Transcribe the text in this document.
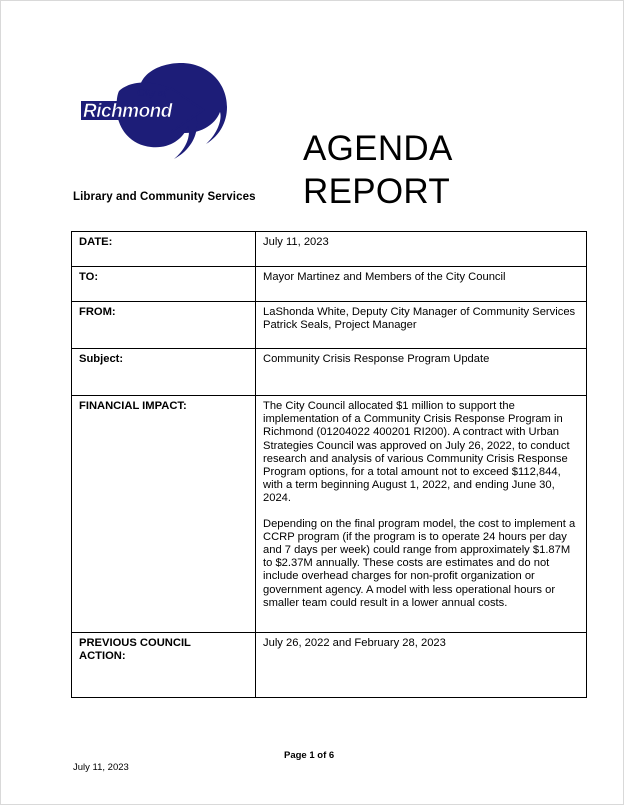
City of
Richmond
Library and Community Services
AGENDA
REPORT
DATE:	July 11, 2023
TO:	Mayor Martinez and Members of the City Council
FROM:	LaShonda White, Deputy City Manager of Community Services

Patrick Seals, Project Manager

Subject:	Community Crisis Response Program Update
FINANCIAL IMPACT:	The City Council allocated $1 million to support the implementation of a Community Crisis Response Program in Richmond (01204022 400201 RI200). A contract with Urban Strategies Council was approved on July 26, 2022, to conduct research and analysis of various Community Crisis Response Program options, for a total amount not to exceed $112,844, with a term beginning August 1, 2022, and ending June 30, 2024.

Depending on the final program model, the cost to implement a CCRP program (if the program is to operate 24 hours per day and 7 days per week) could range from approximately $1.87M to $2.37M annually. These costs are estimates and do not include overhead charges for non-profit organization or government agency. A model with less operational hours or smaller team could result in a lower annual costs.

PREVIOUS COUNCIL
ACTION:	July 26, 2022 and February 28, 2023
Page 1 of 6
July 11, 2023
